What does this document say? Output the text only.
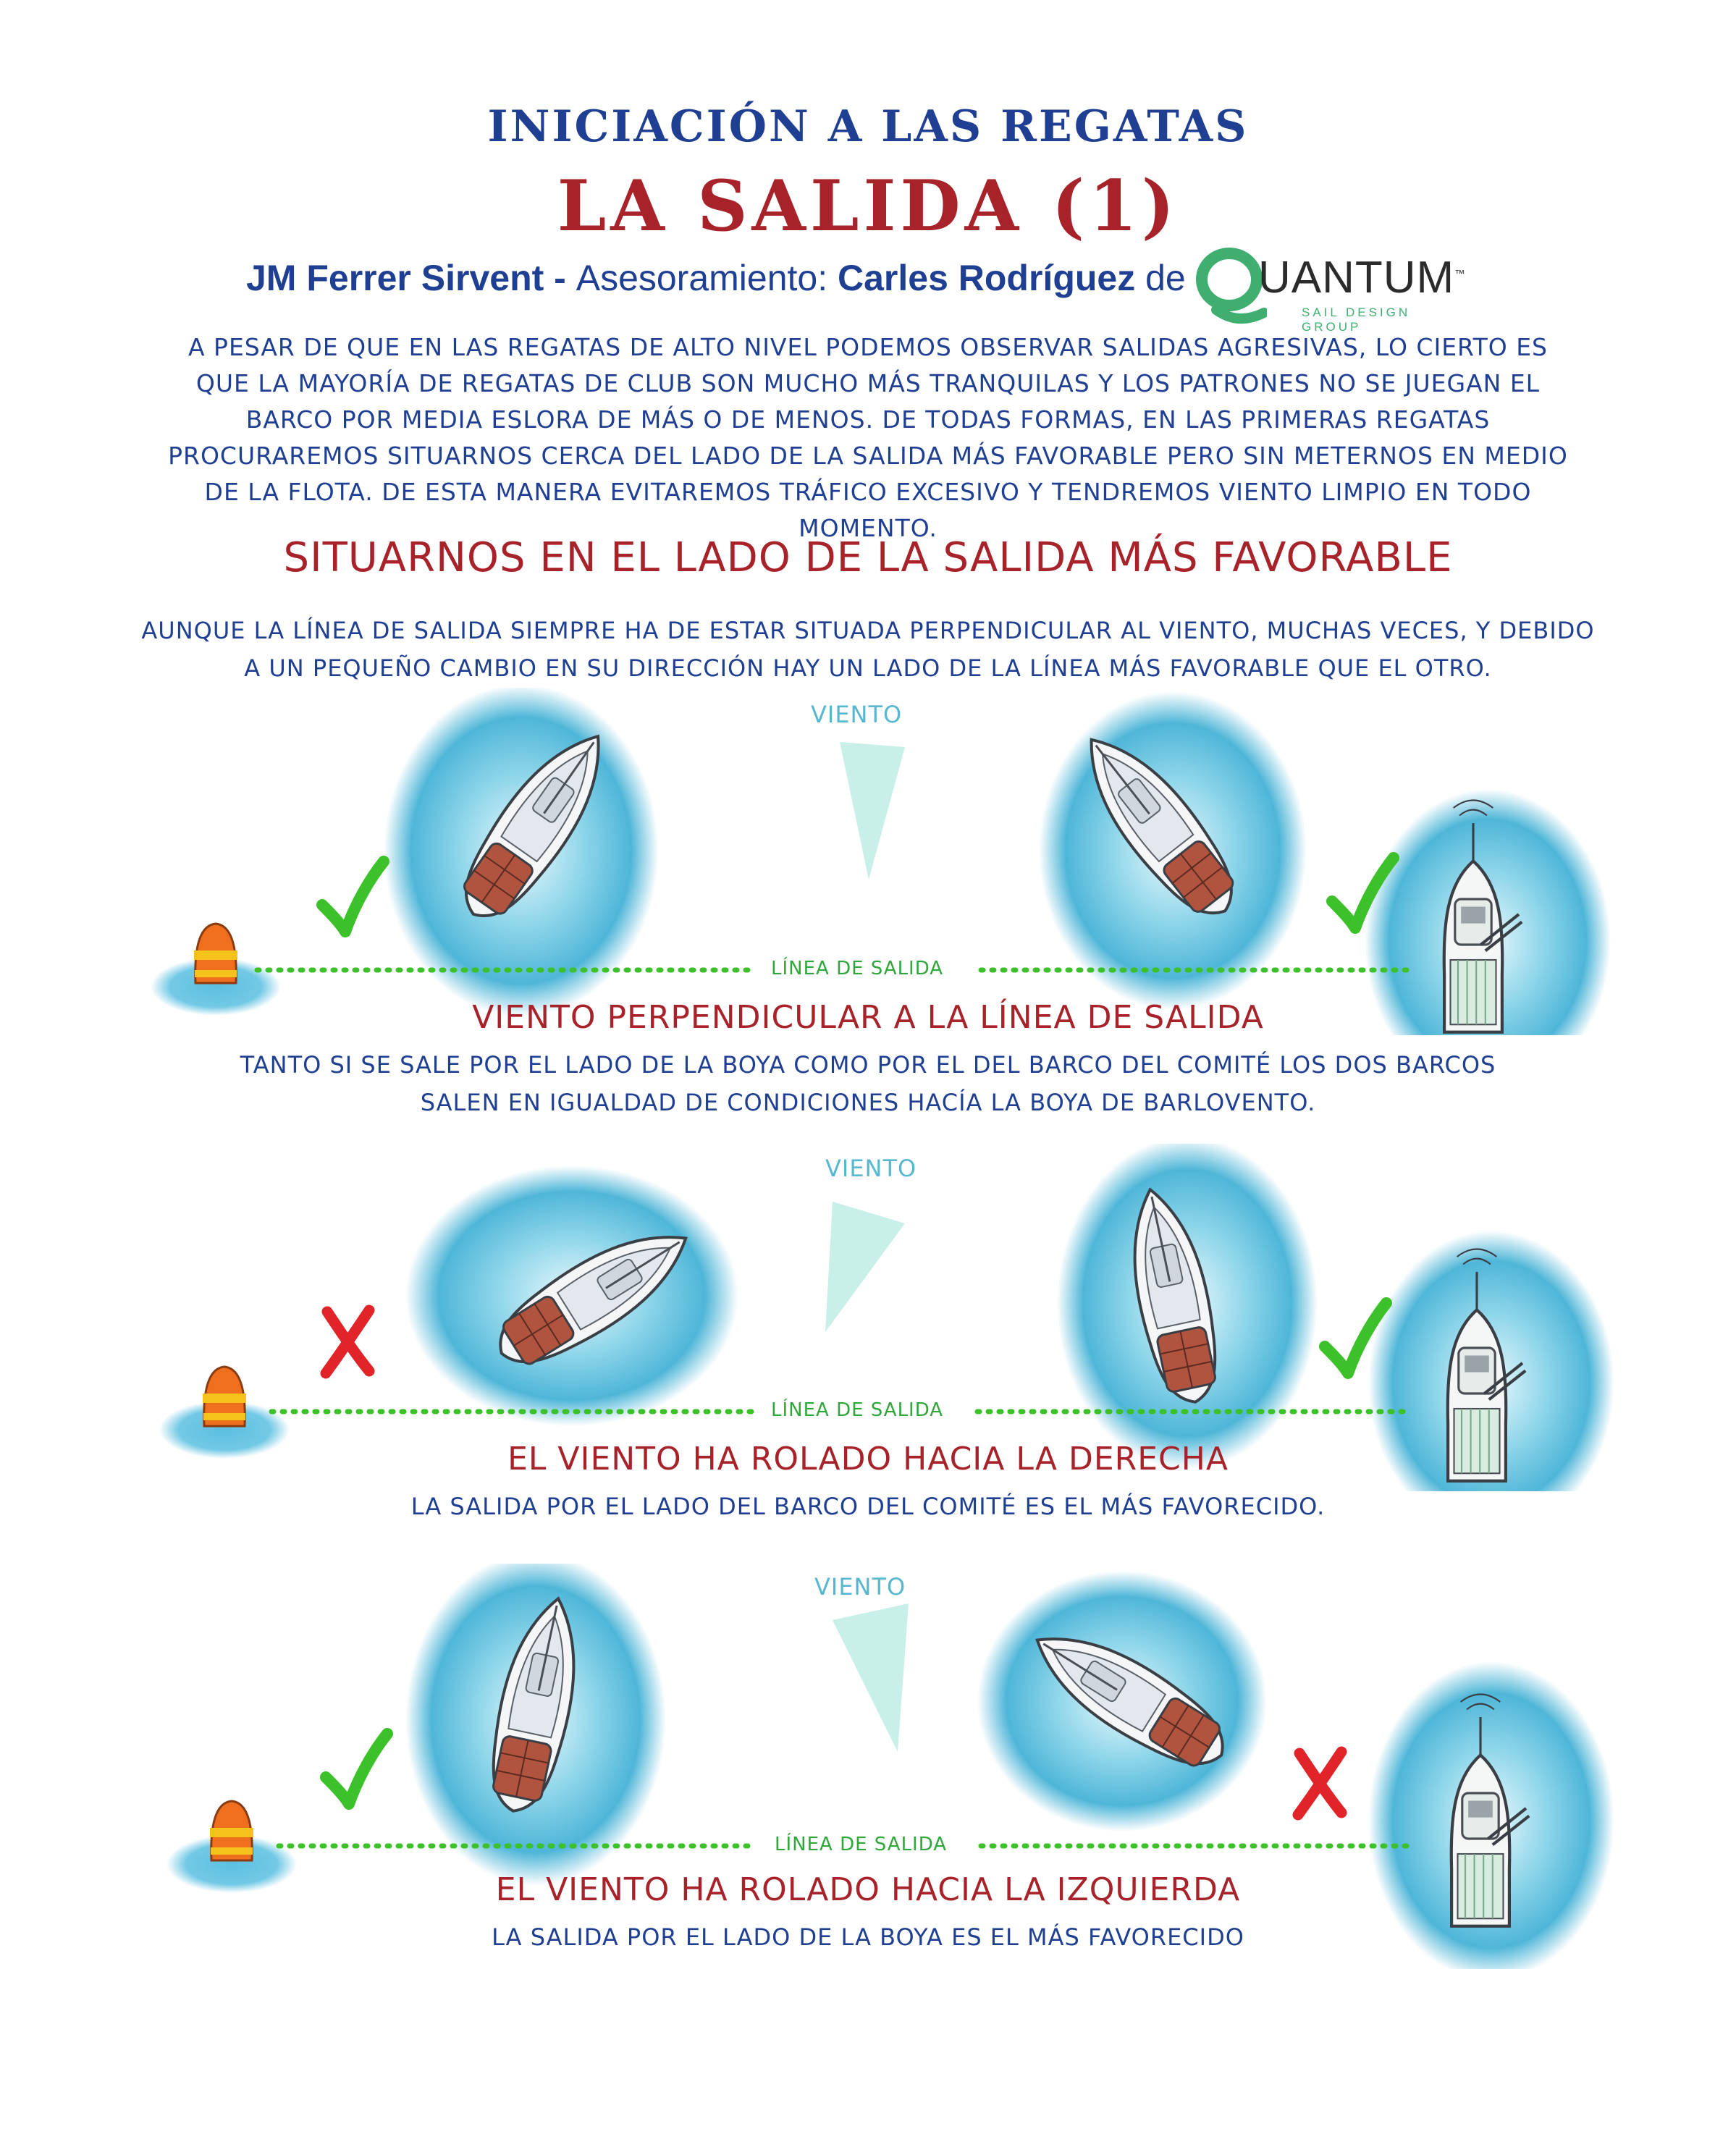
INICIACIÓN A LAS REGATAS
LA SALIDA (1)
JM Ferrer Sirvent - Asesoramiento: Carles Rodríguez de UANTUM™
SAIL DESIGN GROUP
A PESAR DE QUE EN LAS REGATAS DE ALTO NIVEL PODEMOS OBSERVAR SALIDAS AGRESIVAS, LO CIERTO ES QUE LA MAYORÍA DE REGATAS DE CLUB SON MUCHO MÁS TRANQUILAS Y LOS PATRONES NO SE JUEGAN EL BARCO POR MEDIA ESLORA DE MÁS O DE MENOS. DE TODAS FORMAS, EN LAS PRIMERAS REGATAS PROCURAREMOS SITUARNOS CERCA DEL LADO DE LA SALIDA MÁS FAVORABLE PERO SIN METERNOS EN MEDIO DE LA FLOTA. DE ESTA MANERA EVITAREMOS TRÁFICO EXCESIVO Y TENDREMOS VIENTO LIMPIO EN TODO MOMENTO.
SITUARNOS EN EL LADO DE LA SALIDA MÁS FAVORABLE
AUNQUE LA LÍNEA DE SALIDA SIEMPRE HA DE ESTAR SITUADA PERPENDICULAR AL VIENTO, MUCHAS VECES, Y DEBIDO A UN PEQUEÑO CAMBIO EN SU DIRECCIÓN HAY UN LADO DE LA LÍNEA MÁS FAVORABLE QUE EL OTRO.
VIENTO
LÍNEA DE SALIDA
VIENTO PERPENDICULAR A LA LÍNEA DE SALIDA
TANTO SI SE SALE POR EL LADO DE LA BOYA COMO POR EL DEL BARCO DEL COMITÉ LOS DOS BARCOS SALEN EN IGUALDAD DE CONDICIONES HACÍA LA BOYA DE BARLOVENTO.
VIENTO
LÍNEA DE SALIDA
EL VIENTO HA ROLADO HACIA LA DERECHA
LA SALIDA POR EL LADO DEL BARCO DEL COMITÉ ES EL MÁS FAVORECIDO.
VIENTO
LÍNEA DE SALIDA
EL VIENTO HA ROLADO HACIA LA IZQUIERDA
LA SALIDA POR EL LADO DE LA BOYA ES EL MÁS FAVORECIDO
